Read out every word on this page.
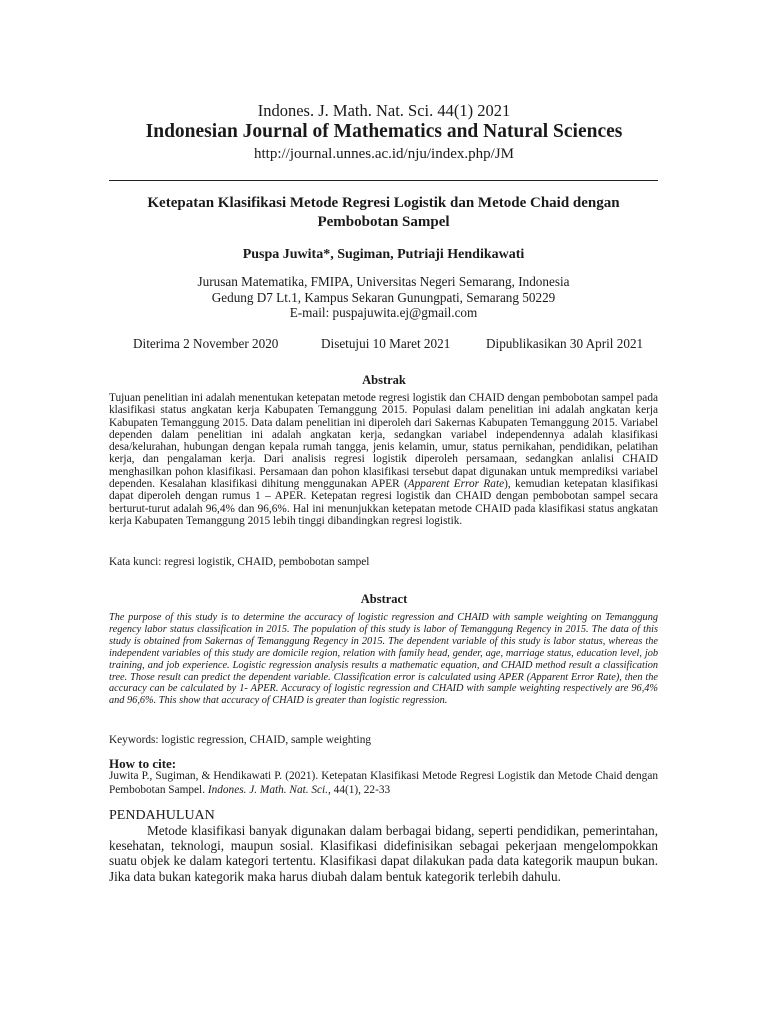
Indones. J. Math. Nat. Sci. 44(1) 2021
Indonesian Journal of Mathematics and Natural Sciences
http://journal.unnes.ac.id/nju/index.php/JM
Ketepatan Klasifikasi Metode Regresi Logistik dan Metode Chaid dengan Pembobotan Sampel
Puspa Juwita*, Sugiman, Putriaji Hendikawati
Jurusan Matematika, FMIPA, Universitas Negeri Semarang, Indonesia
Gedung D7 Lt.1, Kampus Sekaran Gunungpati, Semarang 50229
E-mail: puspajuwita.ej@gmail.com
Diterima 2 November 2020	Disetujui 10 Maret 2021	Dipublikasikan 30 April 2021
Abstrak
Tujuan penelitian ini adalah menentukan ketepatan metode regresi logistik dan CHAID dengan pembobotan sampel pada klasifikasi status angkatan kerja Kabupaten Temanggung 2015. Populasi dalam penelitian ini adalah angkatan kerja Kabupaten Temanggung 2015. Data dalam penelitian ini diperoleh dari Sakernas Kabupaten Temanggung 2015. Variabel dependen dalam penelitian ini adalah angkatan kerja, sedangkan variabel independennya adalah klasifikasi desa/kelurahan, hubungan dengan kepala rumah tangga, jenis kelamin, umur, status pernikahan, pendidikan, pelatihan kerja, dan pengalaman kerja. Dari analisis regresi logistik diperoleh persamaan, sedangkan anlalisi CHAID menghasilkan pohon klasifikasi. Persamaan dan pohon klasifikasi tersebut dapat digunakan untuk memprediksi variabel dependen. Kesalahan klasifikasi dihitung menggunakan APER (Apparent Error Rate), kemudian ketepatan klasifikasi dapat diperoleh dengan rumus 1 – APER. Ketepatan regresi logistik dan CHAID dengan pembobotan sampel secara berturut-turut adalah 96,4% dan 96,6%. Hal ini menunjukkan ketepatan metode CHAID pada klasifikasi status angkatan kerja Kabupaten Temanggung 2015 lebih tinggi dibandingkan regresi logistik.
Kata kunci: regresi logistik, CHAID, pembobotan sampel
Abstract
The purpose of this study is to determine the accuracy of logistic regression and CHAID with sample weighting on Temanggung regency labor status classification in 2015. The population of this study is labor of Temanggung Regency in 2015. The data of this study is obtained from Sakernas of Temanggung Regency in 2015. The dependent variable of this study is labor status, whereas the independent variables of this study are domicile region, relation with family head, gender, age, marriage status, education level, job training, and job experience. Logistic regression analysis results a mathematic equation, and CHAID method result a classification tree. Those result can predict the dependent variable. Classification error is calculated using APER (Apparent Error Rate), then the accuracy can be calculated by 1- APER. Accuracy of logistic regression and CHAID with sample weighting respectively are 96,4% and 96,6%. This show that accuracy of CHAID is greater than logistic regression.
Keywords: logistic regression, CHAID, sample weighting
How to cite:
Juwita P., Sugiman, & Hendikawati P. (2021). Ketepatan Klasifikasi Metode Regresi Logistik dan Metode Chaid dengan Pembobotan Sampel. Indones. J. Math. Nat. Sci., 44(1), 22-33
PENDAHULUAN
Metode klasifikasi banyak digunakan dalam berbagai bidang, seperti pendidikan, pemerintahan, kesehatan, teknologi, maupun sosial. Klasifikasi didefinisikan sebagai pekerjaan mengelompokkan suatu objek ke dalam kategori tertentu. Klasifikasi dapat dilakukan pada data kategorik maupun bukan. Jika data bukan kategorik maka harus diubah dalam bentuk kategorik terlebih dahulu.
